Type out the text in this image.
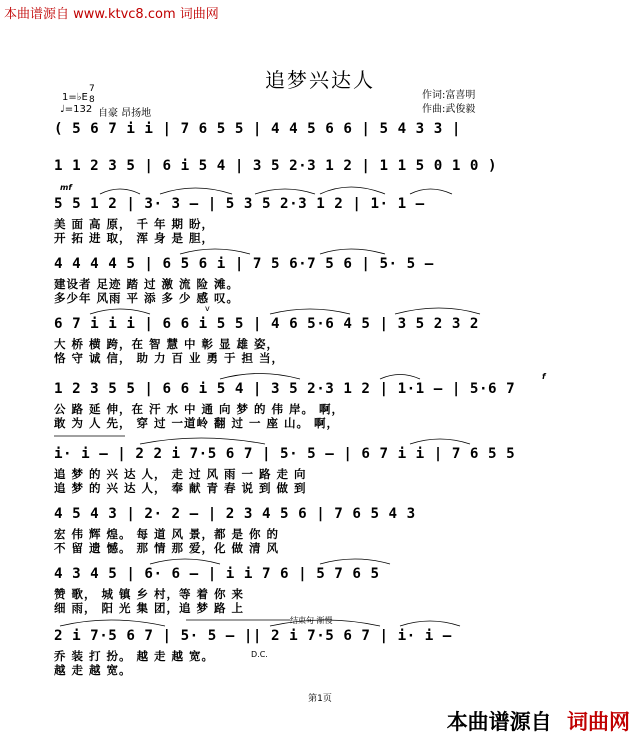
本曲谱源自 www.ktvc8.com 词曲网
追梦兴达人
1=♭E
7
8
♩=132 自豪 昂扬地
作词:富喜明
作曲:武俊毅
( 5 6 7 i i | 7 6 5 5 | 4 4 5 6 6 | 5 4 3 3 |
1 1 2 3 5 | 6 i 5 4 | 3 5 2·3 1 2 | 1 1 5 0 1 0 )
mf
5 5 1 2 | 3· 3 – | 5 3 5 2·3 1 2 | 1· 1 –
美 面 高 原， 千 年 期 盼，
开 拓 进 取， 浑 身 是 胆，
4 4 4 4 5 | 6 5 6 i | 7 5 6·7 5 6 | 5· 5 –
建设者 足迹 踏 过 激 流 险 滩。
多少年 风雨 平 添 多 少 感 叹。
v
6 7 i i i | 6 6 i 5 5 | 4 6 5·6 4 5 | 3 5 2 3 2
大 桥 横 跨，在 智 慧 中 彰 显 雄 姿，
恪 守 诚 信， 助 力 百 业 勇 于 担 当，
f
1 2 3 5 5 | 6 6 i 5 4 | 3 5 2·3 1 2 | 1·1 – | 5·6 7
公 路 延 伸，在 汗 水 中 通 向 梦 的 伟 岸。 啊，
敢 为 人 先， 穿 过 一道岭 翻 过 一 座 山。 啊，
i· i – | 2 2 i 7·5 6 7 | 5· 5 – | 6 7 i i | 7 6 5 5
追 梦 的 兴 达 人， 走 过 风 雨 一 路 走 向
追 梦 的 兴 达 人， 奉 献 青 春 说 到 做 到
4 5 4 3 | 2· 2 – | 2 3 4 5 6 | 7 6 5 4 3
宏 伟 辉 煌。 每 道 风 景，都 是 你 的
不 留 遗 憾。 那 情 那 爱，化 做 清 风
4 3 4 5 | 6· 6 – | i i 7 6 | 5 7 6 5
赞 歌， 城 镇 乡 村，等 着 你 来
细 雨， 阳 光 集 团，追 梦 路 上
结束句 渐慢
2 i 7·5 6 7 | 5· 5 – || 2 i 7·5 6 7 | i· i –
D.C.
乔 装 打 扮。 越 走 越 宽。
越 走 越 宽。
第1页
本曲谱源自 词曲网
